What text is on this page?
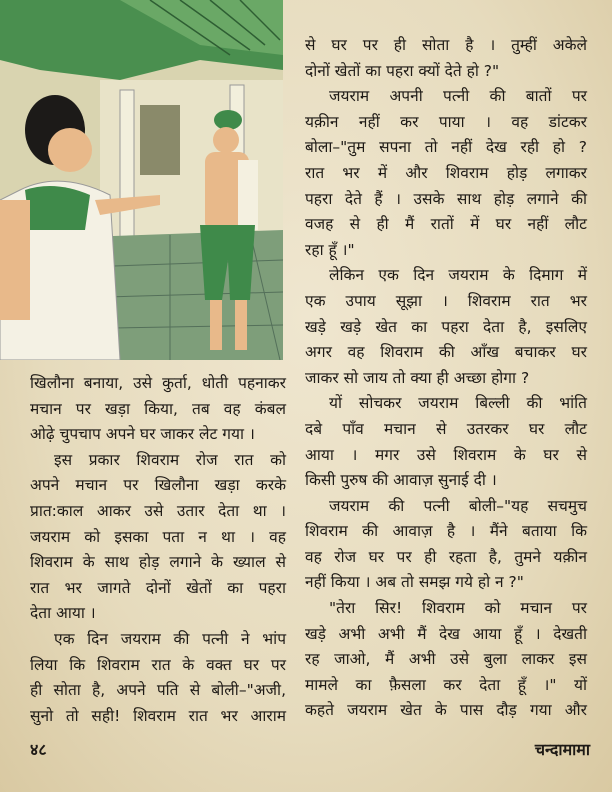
से घर पर ही सोता है । तुम्हीं अकेले
दोनों खेतों का पहरा क्यों देते हो ?"
जयराम अपनी पत्नी की बातों पर
यक़ीन नहीं कर पाया । वह डांटकर
बोला–"तुम सपना तो नहीं देख रही हो ?
रात भर में और शिवराम होड़ लगाकर
पहरा देते हैं । उसके साथ होड़ लगाने की
वजह से ही मैं रातों में घर नहीं लौट
रहा हूँ ।"
लेकिन एक दिन जयराम के दिमाग में
एक उपाय सूझा । शिवराम रात भर
खड़े खड़े खेत का पहरा देता है, इसलिए
अगर वह शिवराम की आँख बचाकर घर
जाकर सो जाय तो क्या ही अच्छा होगा ?
यों सोचकर जयराम बिल्ली की भांति
दबे पाँव मचान से उतरकर घर लौट
आया । मगर उसे शिवराम के घर से
किसी पुरुष की आवाज़ सुनाई दी ।
जयराम की पत्नी बोली–"यह सचमुच
शिवराम की आवाज़ है । मैंने बताया कि
वह रोज घर पर ही रहता है, तुमने यक़ीन
नहीं किया । अब तो समझ गये हो न ?"
"तेरा सिर! शिवराम को मचान पर
खड़े अभी अभी मैं देख आया हूँ । देखती
रह जाओ, मैं अभी उसे बुला लाकर इस
मामले का फ़ैसला कर देता हूँ ।" यों
कहते जयराम खेत के पास दौड़ गया और
खिलौना बनाया, उसे कुर्ता, धोती पहनाकर
मचान पर खड़ा किया, तब वह कंबल
ओढ़े चुपचाप अपने घर जाकर लेट गया ।
इस प्रकार शिवराम रोज रात को
अपने मचान पर खिलौना खड़ा करके
प्रात:काल आकर उसे उतार देता था ।
जयराम को इसका पता न था । वह
शिवराम के साथ होड़ लगाने के ख्याल से
रात भर जागते दोनों खेतों का पहरा
देता आया ।
एक दिन जयराम की पत्नी ने भांप
लिया कि शिवराम रात के वक्त घर पर
ही सोता है, अपने पति से बोली–"अजी,
सुनो तो सही! शिवराम रात भर आराम
४८	चन्दामामा
